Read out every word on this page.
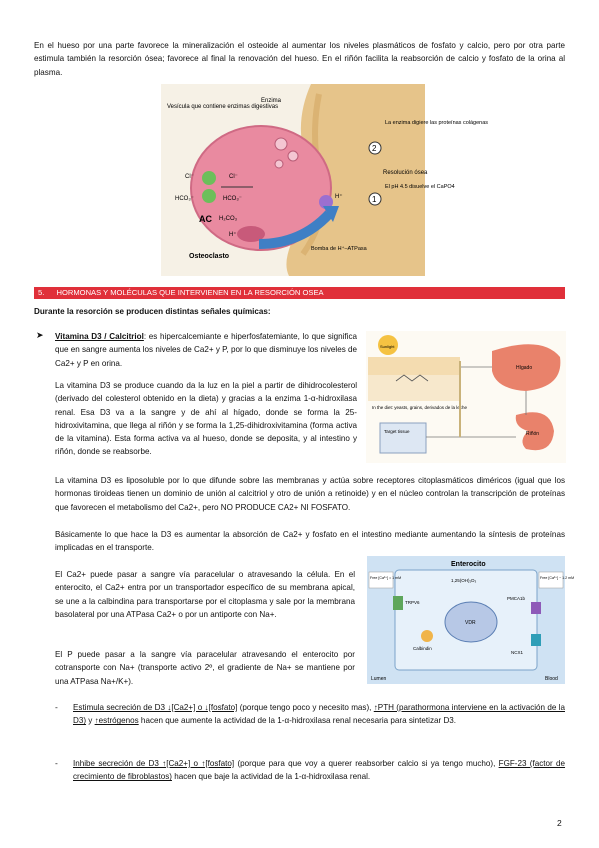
En el hueso por una parte favorece la mineralización el osteoide al aumentar los niveles plasmáticos de fosfato y calcio, pero por otra parte estimula también la resorción ósea; favorece al final la renovación del hueso. En el riñón facilita la reabsorción de calcio y fosfato de la orina al plasma.

2
1
Vesícula que contiene enzimas digestivas
Enzima
La enzima digiere las proteínas colágenas
Resolución ósea
El pH 4.5 disuelve el CaPO4
Cl⁻	Cl⁻
HCO₃⁻	HCO₃⁻
H₂CO₃
AC
H⁺
H⁺
Bomba de H⁺–ATPasa
Osteoclasto
5. HORMONAS Y MOLÉCULAS QUE INTERVIENEN EN LA RESORCIÓN OSEA

Durante la resorción se producen distintas señales químicas:

➤ Vitamina D3 / Calcitriol: es hipercalcemiante e hiperfosfatemiante, lo que significa que en sangre aumenta los niveles de Ca2+ y P, por lo que disminuye los niveles de Ca2+ y P en orina.

La vitamina D3 se produce cuando da la luz en la piel a partir de dihidrocolesterol (derivado del colesterol obtenido en la dieta) y gracias a la enzima 1-α-hidroxilasa renal. Esa D3 va a la sangre y de ahí al hígado, donde se forma la 25-hidroxivitamina, que llega al riñón y se forma la 1,25-dihidroxivitamina (forma activa de la vitamina). Esta forma activa va al hueso, donde se deposita, y al intestino y riñón, donde se reabsorbe.

Sunlight
In the diet: yeasts, grains, derivados de la leche
Hígado
Riñón
Target tissue

La vitamina D3 es liposoluble por lo que difunde sobre las membranas y actúa sobre receptores citoplasmáticos diméricos (igual que los hormonas tiroideas tienen un dominio de unión al calcitriol y otro de unión a retinoide) y en el núcleo controlan la transcripción de proteínas que favorecen el metabolismo del Ca2+, pero NO PRODUCE CA2+ NI FOSFATO.

Básicamente lo que hace la D3 es aumentar la absorción de Ca2+ y fosfato en el intestino mediante aumentando la síntesis de proteínas implicadas en el transporte.

El Ca2+ puede pasar a sangre vía paracelular o atravesando la célula. En el enterocito, el Ca2+ entra por un transportador específico de su membrana apical, se une a la calbindina para transportarse por el citoplasma y sale por la membrana basolateral por una ATPasa Ca2+ o por un antiporte con Na+.

El P puede pasar a la sangre vía paracelular atravesando el enterocito por cotransporte con Na+ (transporte activo 2º, el gradiente de Na+ se mantiene por una ATPasa Na+/K+).

Enterocito
Free [Ca²⁺] = 1 mM	Free [Ca²⁺] ~ 1.2 mM
1,25(OH)₂D₃
VDR
TRPV6
Calbindin
PMCA1b
NCX1
Lumen	Blood
- Estimula secreción de D3 ↓[Ca2+] o ↓[fosfato] (porque tengo poco y necesito mas), ↑PTH (parathormona interviene en la activación de la D3) y ↑estrógenos hacen que aumente la actividad de la 1-α-hidroxilasa renal necesaria para sintetizar D3.

- Inhibe secreción de D3 ↑[Ca2+] o ↑[fosfato] (porque para que voy a querer reabsorber calcio si ya tengo mucho), FGF-23 (factor de crecimiento de fibroblastos) hacen que baje la actividad de la 1-α-hidroxilasa renal.

2
